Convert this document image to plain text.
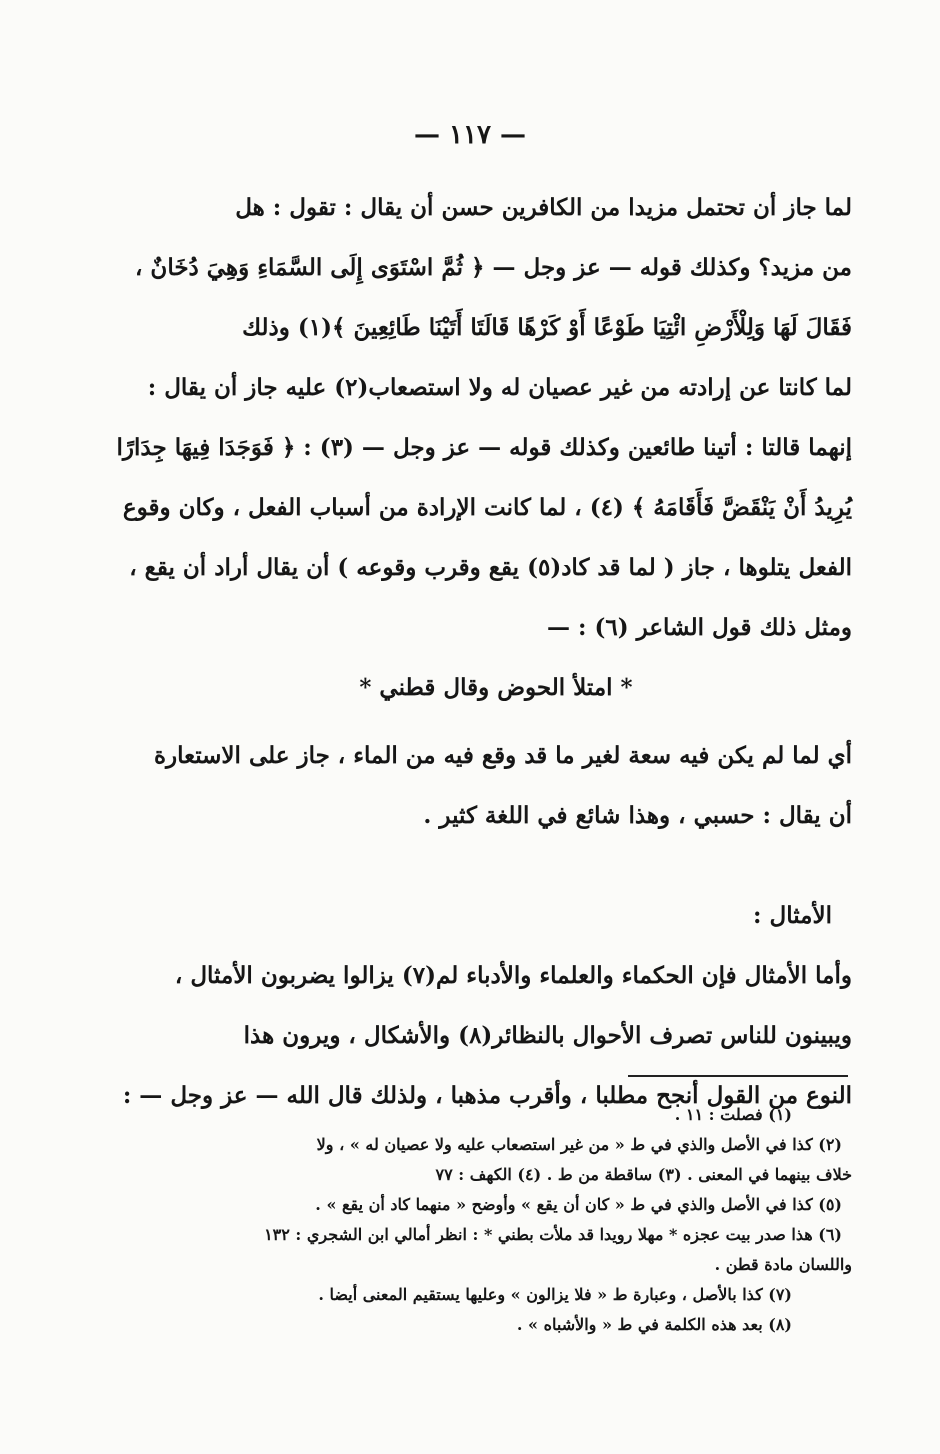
— ١١٧ —
لما جاز أن تحتمل مزيدا من الكافرين حسن أن يقال : تقول : هل
من مزيد؟ وكذلك قوله — عز وجل — ﴿ ثُمَّ اسْتَوَى إِلَى السَّمَاءِ وَهِيَ دُخَانٌ ،
فَقَالَ لَهَا وَلِلْأَرْضِ ائْتِيَا طَوْعًا أَوْ كَرْهًا قَالَتَا أَتَيْنَا طَائِعِينَ ﴾(١) وذلك
لما كانتا عن إرادته من غير عصيان له ولا استصعاب(٢) عليه جاز أن يقال :
إنهما قالتا : أتينا طائعين وكذلك قوله — عز وجل — (٣) : ﴿ فَوَجَدَا فِيهَا جِدَارًا
يُرِيدُ أَنْ يَنْقَضَّ فَأَقَامَهُ ﴾ (٤) ، لما كانت الإرادة من أسباب الفعل ، وكان وقوع
الفعل يتلوها ، جاز ( لما قد كاد(٥) يقع وقرب وقوعه ) أن يقال أراد أن يقع ،
ومثل ذلك قول الشاعر (٦) : —
* امتلأ الحوض وقال قطني *
أي لما لم يكن فيه سعة لغير ما قد وقع فيه من الماء ، جاز على الاستعارة
أن يقال : حسبي ، وهذا شائع في اللغة كثير .
الأمثال :
وأما الأمثال فإن الحكماء والعلماء والأدباء لم(٧) يزالوا يضربون الأمثال ،
ويبينون للناس تصرف الأحوال بالنظائر(٨) والأشكال ، ويرون هذا
النوع من القول أنجح مطلبا ، وأقرب مذهبا ، ولذلك قال الله — عز وجل — :
(١) فصلت : ١١ .
(٢) كذا في الأصل والذي في ط « من غير استصعاب عليه ولا عصيان له » ، ولا
خلاف بينهما في المعنى . (٣) ساقطة من ط . (٤) الكهف : ٧٧
(٥) كذا في الأصل والذي في ط « كان أن يقع » وأوضح « منهما كاد أن يقع » .
(٦) هذا صدر بيت عجزه * مهلا رويدا قد ملأت بطني * : انظر أمالي ابن الشجري : ١٣٢
واللسان مادة قطن .
(٧) كذا بالأصل ، وعبارة ط « فلا يزالون » وعليها يستقيم المعنى أيضا .
(٨) بعد هذه الكلمة في ط « والأشباه » .
